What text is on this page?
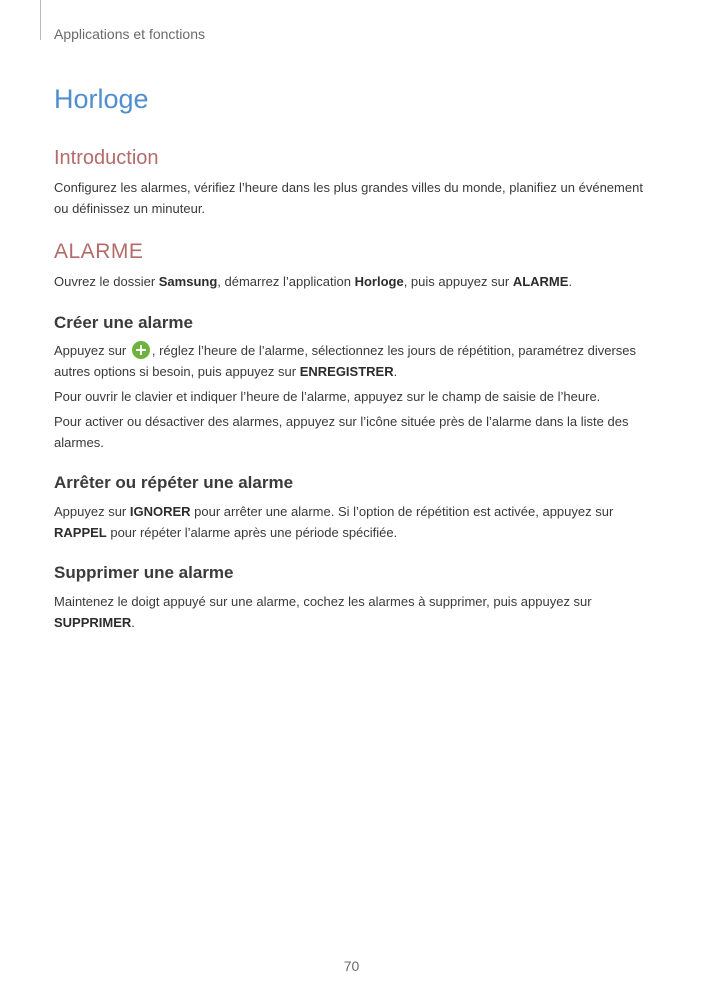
Applications et fonctions
Horloge
Introduction

Configurez les alarmes, vérifiez l’heure dans les plus grandes villes du monde, planifiez un événement ou définissez un minuteur.

ALARME

Ouvrez le dossier Samsung, démarrez l’application Horloge, puis appuyez sur ALARME.

Créer une alarme

Appuyez sur , réglez l’heure de l’alarme, sélectionnez les jours de répétition, paramétrez diverses autres options si besoin, puis appuyez sur ENREGISTRER.

Pour ouvrir le clavier et indiquer l’heure de l’alarme, appuyez sur le champ de saisie de l’heure.

Pour activer ou désactiver des alarmes, appuyez sur l’icône située près de l’alarme dans la liste des alarmes.

Arrêter ou répéter une alarme

Appuyez sur IGNORER pour arrêter une alarme. Si l’option de répétition est activée, appuyez sur RAPPEL pour répéter l’alarme après une période spécifiée.

Supprimer une alarme

Maintenez le doigt appuyé sur une alarme, cochez les alarmes à supprimer, puis appuyez sur SUPPRIMER.

70
